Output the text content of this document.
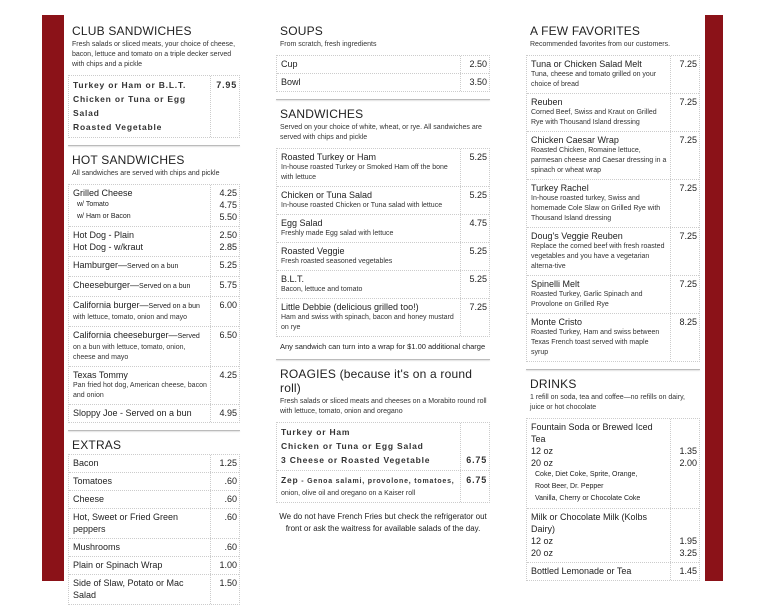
CLUB SANDWICHES
Fresh salads or sliced meats, your choice of cheese, bacon, lettuce and tomato on a triple decker served with chips and a pickle
Turkey or Ham or B.L.T.	7.95
Chicken or Tuna or Egg Salad
Roasted Vegetable
HOT SANDWICHES
All sandwiches are served with chips and pickle
Grilled Cheese	4.25
w/ Tomato	4.75
w/ Ham or Bacon	5.50
Hot Dog - Plain	2.50
Hot Dog - w/kraut	2.85
Hamburger—Served on a bun	5.25
Cheeseburger—Served on a bun	5.75
California burger—Served on a bun	6.00
with lettuce, tomato, onion and mayo
California cheeseburger—Served	6.50
on a bun with lettuce, tomato, onion, cheese and mayo
Texas Tommy	4.25
Pan fried hot dog, American cheese, bacon and onion
Sloppy Joe - Served on a bun	4.95
EXTRAS
Bacon	1.25
Tomatoes	.60
Cheese	.60
Hot, Sweet or Fried Green peppers
.60
Mushrooms	.60
Plain or Spinach Wrap	1.00
Side of Slaw, Potato or Mac Salad
1.50
SOUPS
From scratch, fresh ingredients
Cup	2.50
Bowl	3.50
SANDWICHES
Served on your choice of white, wheat, or rye. All sandwiches are served with chips and pickle
Roasted Turkey or Ham	5.25
In-house roasted Turkey or Smoked Ham off the bone with lettuce
Chicken or Tuna Salad	5.25
In-house roasted Chicken or Tuna salad with lettuce
Egg Salad	4.75
Freshly made Egg salad with lettuce
Roasted Veggie	5.25
Fresh roasted seasoned vegetables
B.L.T.	5.25
Bacon, lettuce and tomato
Little Debbie (delicious grilled too!)	7.25
Ham and swiss with spinach, bacon and honey mustard on rye
Any sandwich can turn into a wrap for $1.00 additional charge
ROAGIES (because it's on a round roll)
Fresh salads or sliced meats and cheeses on a Morabito round roll with lettuce, tomato, onion and oregano
Turkey or Ham
Chicken or Tuna or Egg Salad
3 Cheese or Roasted Vegetable	6.75
Zep - Genoa salami, provolone, tomatoes,	6.75
onion, olive oil and oregano on a Kaiser roll
We do not have French Fries but check the refrigerator out front or ask the waitress for available salads of the day.
A FEW FAVORITES
Recommended favorites from our customers.
Tuna or Chicken Salad Melt	7.25
Tuna, cheese and tomato grilled on your choice of bread
Reuben	7.25
Corned Beef, Swiss and Kraut on Grilled Rye with Thousand Island dressing
Chicken Caesar Wrap	7.25
Roasted Chicken, Romaine lettuce, parmesan cheese and Caesar dressing in a spinach or wheat wrap
Turkey Rachel	7.25
In-house roasted turkey, Swiss and homemade Cole Slaw on Grilled Rye with Thousand Island dressing
Doug's Veggie Reuben	7.25
Replace the corned beef with fresh roasted vegetables and you have a vegetarian alterna-tive
Spinelli Melt	7.25
Roasted Turkey, Garlic Spinach and Provolone on Grilled Rye
Monte Cristo	8.25
Roasted Turkey, Ham and swiss between Texas French toast served with maple syrup
DRINKS
1 refill on soda, tea and coffee—no refills on dairy, juice or hot chocolate
Fountain Soda or Brewed Iced Tea
12 oz	1.35
20 oz	2.00
Coke, Diet Coke, Sprite, Orange,
Root Beer, Dr. Pepper
Vanilla, Cherry or Chocolate Coke
Milk or Chocolate Milk (Kolbs Dairy)
12 oz	1.95
20 oz	3.25
Bottled Lemonade or Tea	1.45
